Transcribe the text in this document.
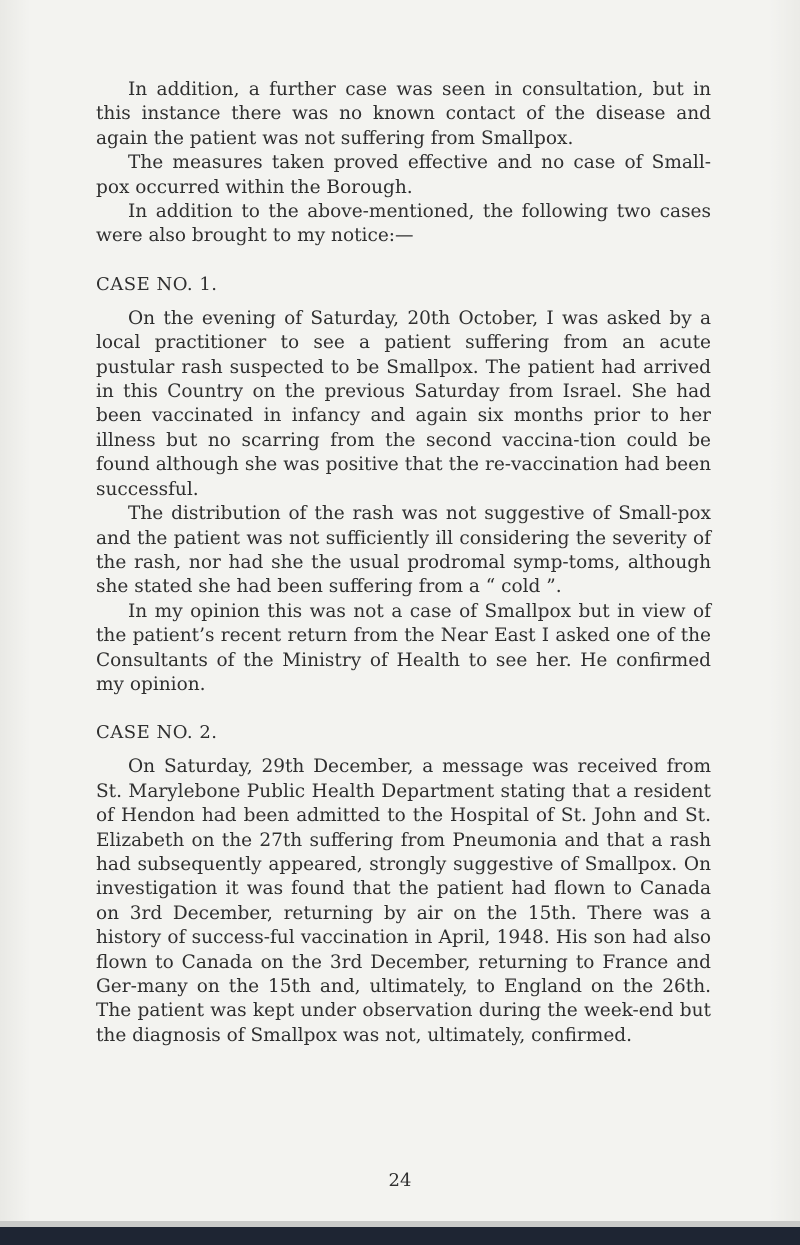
In addition, a further case was seen in consultation, but in this instance there was no known contact of the disease and again the patient was not suffering from Smallpox.

The measures taken proved effective and no case of Small-pox occurred within the Borough.

In addition to the above-mentioned, the following two cases were also brought to my notice:—

CASE NO. 1.

On the evening of Saturday, 20th October, I was asked by a local practitioner to see a patient suffering from an acute pustular rash suspected to be Smallpox. The patient had arrived in this Country on the previous Saturday from Israel. She had been vaccinated in infancy and again six months prior to her illness but no scarring from the second vaccina-tion could be found although she was positive that the re-vaccination had been successful.

The distribution of the rash was not suggestive of Small-pox and the patient was not sufficiently ill considering the severity of the rash, nor had she the usual prodromal symp-toms, although she stated she had been suffering from a “ cold ”.

In my opinion this was not a case of Smallpox but in view of the patient’s recent return from the Near East I asked one of the Consultants of the Ministry of Health to see her. He confirmed my opinion.

CASE NO. 2.

On Saturday, 29th December, a message was received from St. Marylebone Public Health Department stating that a resident of Hendon had been admitted to the Hospital of St. John and St. Elizabeth on the 27th suffering from Pneumonia and that a rash had subsequently appeared, strongly suggestive of Smallpox. On investigation it was found that the patient had flown to Canada on 3rd December, returning by air on the 15th. There was a history of success-ful vaccination in April, 1948. His son had also flown to Canada on the 3rd December, returning to France and Ger-many on the 15th and, ultimately, to England on the 26th. The patient was kept under observation during the week-end but the diagnosis of Smallpox was not, ultimately, confirmed.

24
